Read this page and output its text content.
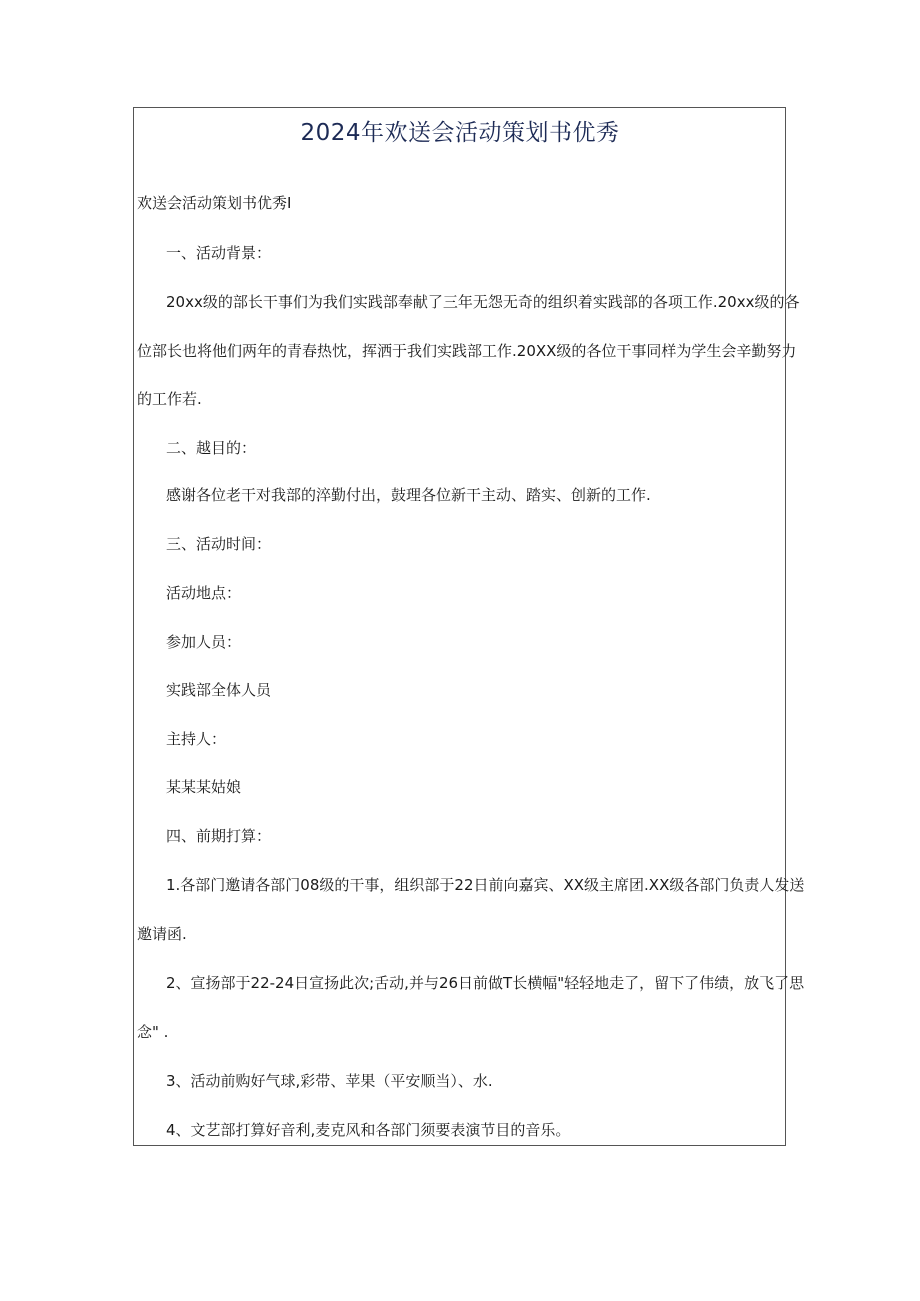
2024年欢送会活动策划书优秀
欢送会活动策划书优秀I
一、活动背景：
20xx级的部长干事们为我们实践部奉献了三年无怨无奇的组织着实践部的各项工作.20xx级的各
位部长也将他们两年的青春热忱，挥洒于我们实践部工作.20XX级的各位干事同样为学生会辛勤努力
的工作若.
二、越目的：
感谢各位老干对我部的淬勤付出，鼓理各位新干主动、踏实、创新的工作.
三、活动时间：
活动地点：
参加人员：
实践部全体人员
主持人：
某某某姑娘
四、前期打算：
1.各部门邀请各部门08级的干事，组织部于22日前向嘉宾、XX级主席团.XX级各部门负责人发送
邀请函.
2、宣扬部于22-24日宣扬此次;舌动,并与26日前做T长横幅"轻轻地走了，留下了伟绩，放飞了思
念" .
3、活动前购好气球,彩带、苹果（平安顺当）、水.
4、文艺部打算好音利,麦克风和各部门须要表演节目的音乐。
